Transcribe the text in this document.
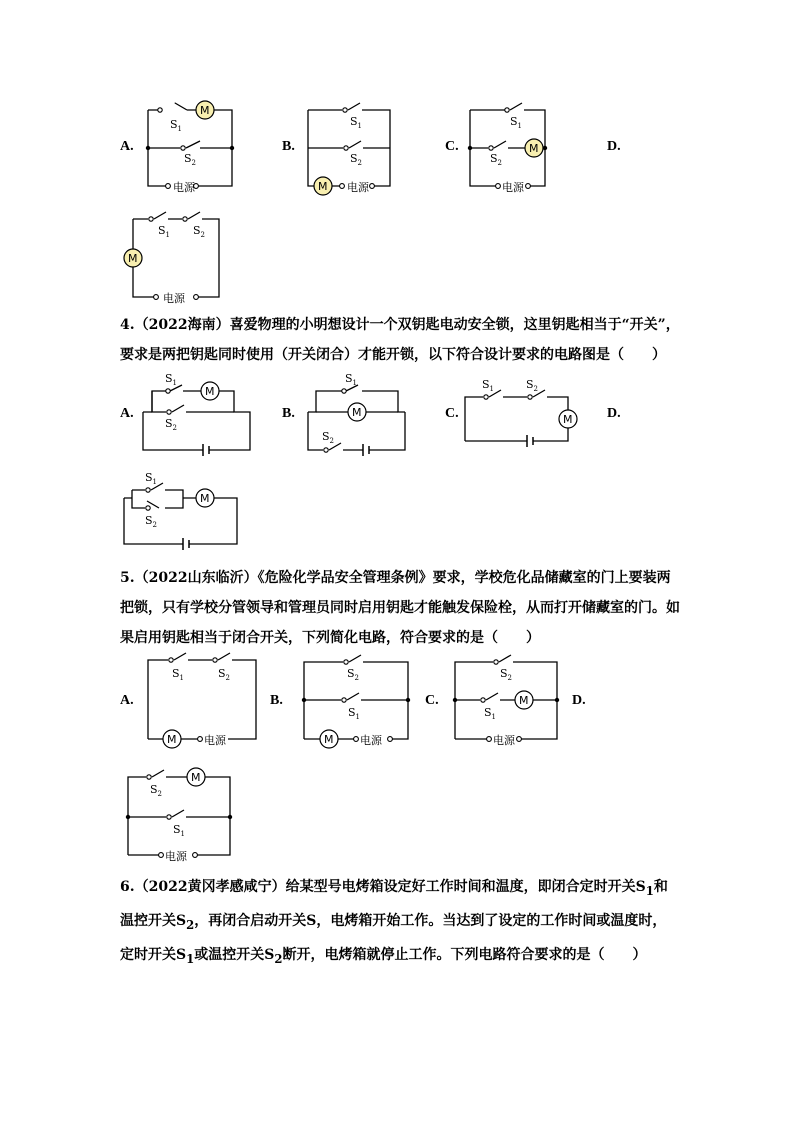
A.	B.	C.	D.
M
$S_1$
$S_2$
电源	M
$S_1$
$S_2$
电源
M
$S_1$
$S_2$
电源
M
$S_1$ $S_2$
电源
4.（2022海南）喜爱物理的小明想设计一个双钥匙电动安全锁，这里钥匙相当于“开关”，要求是两把钥匙同时使用（开关闭合）才能开锁，以下符合设计要求的电路图是（　　）
A.	B.	C.	D.
M
$S_1$
$S_2$
M
$S_1$
$S_2$
M
$S_1$	$S_2$
M
$S_1$
$S_2$
5.（2022山东临沂）《危险化学品安全管理条例》要求，学校危化品储藏室的门上要装两把锁，只有学校分管领导和管理员同时启用钥匙才能触发保险栓，从而打开储藏室的门。如果启用钥匙相当于闭合开关，下列简化电路，符合要求的是（　　）
A.	B.	C.	D.
M	电源
$S_1$	$S_2$
M 电源
$S_2$
$S_1$
M
电源
$S_2$
$S_1$
M
电源
$S_2$
$S_1$
6.（2022黄冈孝感咸宁）给某型号电烤箱设定好工作时间和温度，即闭合定时开关$S_1$和温控开关$S_2$，再闭合启动开关S，电烤箱开始工作。当达到了设定的工作时间或温度时，定时开关$S_1$或温控开关$S_2$断开，电烤箱就停止工作。下列电路符合要求的是（　　）
